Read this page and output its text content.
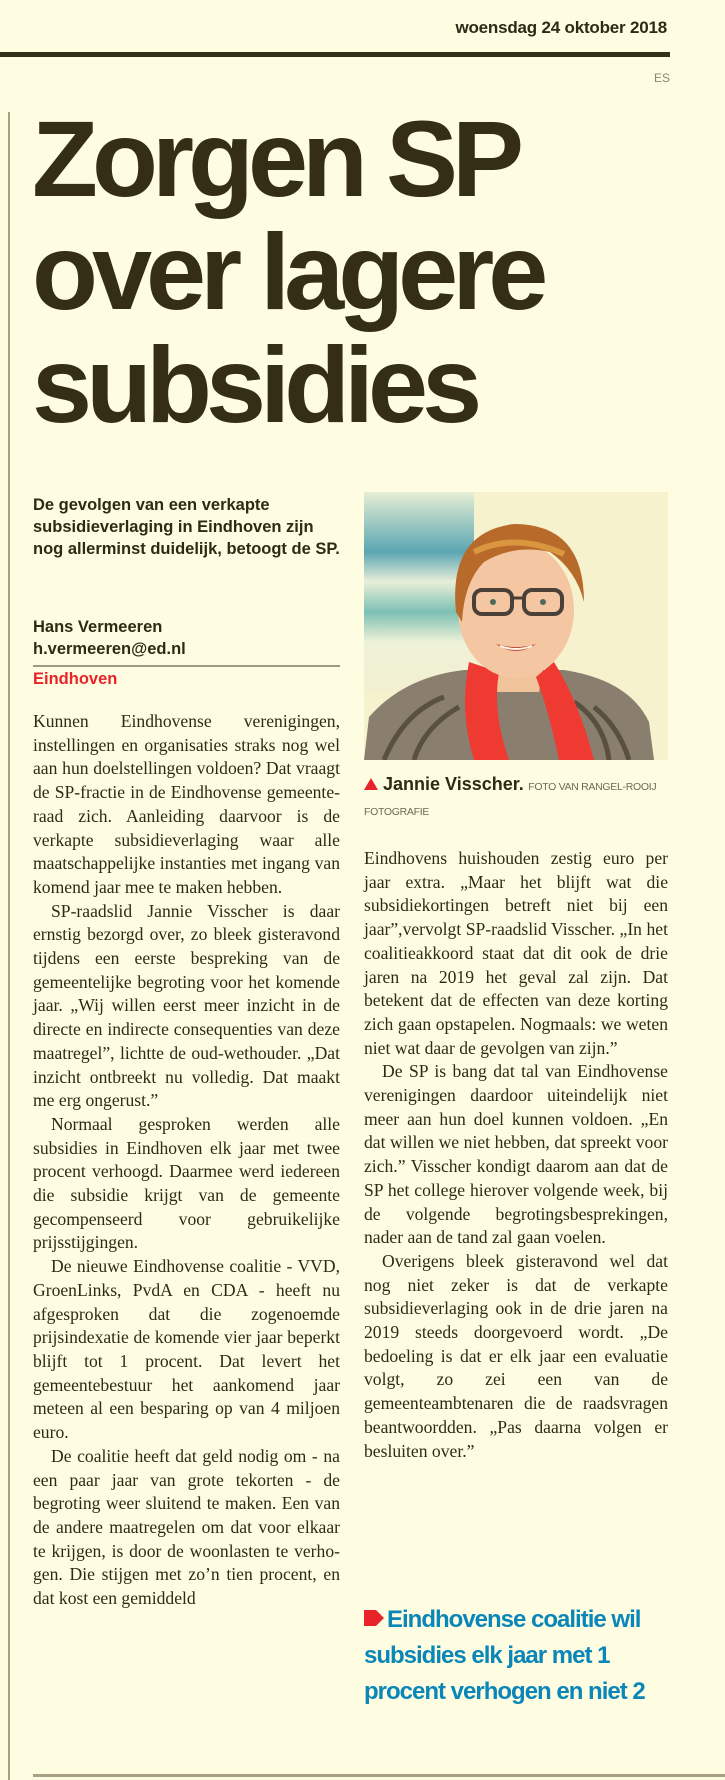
woensdag 24 oktober 2018
ES
Zorgen SP
over lagere
subsidies
De gevolgen van een verkapte subsidieverlaging in Eindhoven zijn nog allerminst duidelijk, betoogt de SP.
Hans Vermeeren
h.vermeeren@ed.nl
Eindhoven
Jannie Visscher. FOTO VAN RANGEL-ROOIJ FOTOGRAFIE

Kunnen Eindhovense verenigingen, instellingen en organisaties straks nog wel aan hun doelstellingen voldoen? Dat vraagt de SP-fractie in de Eindhovense gemeenteraad zich. Aanleiding daarvoor is de verkapte subsidieverlaging waar alle maatschappelijke instanties met ingang van komend jaar mee te maken hebben.

SP-raadslid Jannie Visscher is daar ernstig bezorgd over, zo bleek gisteravond tijdens een eerste bespreking van de gemeentelijke begroting voor het komende jaar. „Wij willen eerst meer inzicht in de directe en indirecte consequenties van deze maatregel”, lichtte de oud-wethouder. „Dat inzicht ontbreekt nu volledig. Dat maakt me erg ongerust.”

Normaal gesproken werden alle subsidies in Eindhoven elk jaar met twee procent verhoogd. Daarmee werd iedereen die subsidie krijgt van de gemeente gecompenseerd voor gebruikelijke prijsstijgingen.

De nieuwe Eindhovense coalitie - VVD, GroenLinks, PvdA en CDA - heeft nu afgesproken dat die zogenoemde prijsindexatie de komende vier jaar beperkt blijft tot 1 procent. Dat levert het gemeentebestuur het aankomend jaar meteen al een besparing op van 4 miljoen euro.

De coalitie heeft dat geld nodig om - na een paar jaar van grote tekorten - de begroting weer sluitend te maken. Een van de andere maatregelen om dat voor elkaar te krijgen, is door de woonlasten te verhogen. Die stijgen met zo’n tien procent, en dat kost een gemiddeld

Eindhovens huishouden zestig euro per jaar extra. „Maar het blijft wat die subsidiekortingen betreft niet bij een jaar”,vervolgt SP-raadslid Visscher. „In het coalitieakkoord staat dat dit ook de drie jaren na 2019 het geval zal zijn. Dat betekent dat de effecten van deze korting zich gaan opstapelen. Nogmaals: we weten niet wat daar de gevolgen van zijn.”

De SP is bang dat tal van Eindhovense verenigingen daardoor uiteindelijk niet meer aan hun doel kunnen voldoen. „En dat willen we niet hebben, dat spreekt voor zich.” Visscher kondigt daarom aan dat de SP het college hierover volgende week, bij de volgende begrotingsbesprekingen, nader aan de tand zal gaan voelen.

Overigens bleek gisteravond wel dat nog niet zeker is dat de verkapte subsidieverlaging ook in de drie jaren na 2019 steeds doorgevoerd wordt. „De bedoeling is dat er elk jaar een evaluatie volgt, zo zei een van de gemeenteambtenaren die de raadsvragen beantwoordden. „Pas daarna volgen er besluiten over.”

Eindhovense coalitie wil subsidies elk jaar met 1 procent verhogen en niet 2
